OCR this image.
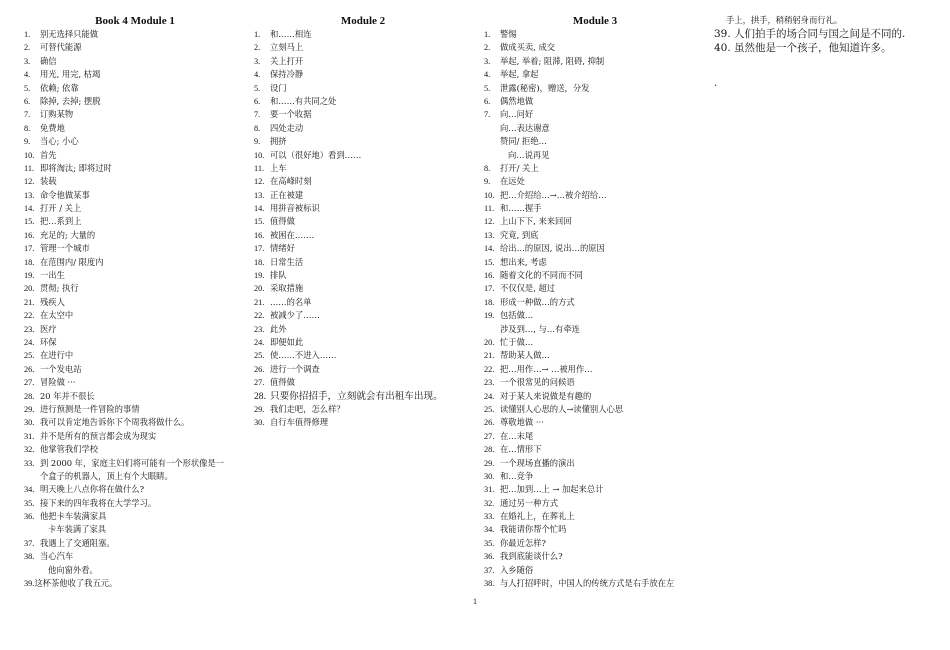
Book 4 Module 1
1.	别无选择只能做
2.	可替代能源
3.	确信
4.	用光, 用完, 枯竭
5.	依赖; 依靠
6.	除掉, 去掉; 摆脱
7.	订购某物
8.	免费地
9.	当心; 小心
10. 首先
11. 即将淘汰; 即将过时
12. 装载
13. 命令他做某事
14. 打开 / 关上
15. 把…系到上
16. 充足的; 大量的
17. 管理一个城市
18. 在范围内/ 限度内
19. 一出生
20. 贯彻; 执行
21. 残疾人
22. 在太空中
23. 医疗
24. 环保
25. 在进行中
26. 一个发电站
27. 冒险做 ···
28. 20 年并不很长
29. 进行预测是一件冒险的事情
30. 我可以肯定地告诉你下个周我将做什么。
31. 并不是所有的预言都会成为现实
32. 他掌管我们学校
33. 到 2000 年，家庭主妇们将可能有一个形状像是一
个盒子的机器人，顶上有个大眼睛。
34. 明天晚上八点你将在做什么?
35. 接下来的四年我将在大学学习。
36. 他把卡车装满家具
卡车装满了家具
37. 我遇上了交通阻塞。
38. 当心汽车
他向窗外看。
39. 这杯茶他收了我五元。
Module 2
1.	和……相连
2.	立刻马上
3.	关上打开
4.	保持冷静
5.	设门
6.	和……有共同之处
7.	要一个收据
8.	四处走动
9.	拥挤
10. 可以（很好地）看到……
11. 上车
12. 在高峰时刻
13. 正在被建
14. 用拼音被标识
15. 值得做
16. 被困在…….
17. 情绪好
18. 日常生活
19. 排队
20. 采取措施
21. ……的名单
22. 被减少了……
23. 此外
24. 即便如此
25. 使……不进入……
26. 进行一个调查
27. 值得做
28. 只要你招招手，立刻就会有出租车出现。
29. 我们走吧，怎么样？
30. 自行车值得修理
Module 3
1.	警惕
2.	做成买卖, 成交
3.	举起, 举着; 阻滞, 阻碍, 抑制
4.	举起, 拿起
5.	泄露(秘密)，赠送，分发
6.	偶然地做
7.	向…问好
向…表达谢意
赞同/ 拒绝…
向…说再见
8.	打开/ 关上
9.	在远处
10. 把…介绍给…→…被介绍给…
11. 和……握手
12. 上山下下, 来来回回
13. 究竟, 到底
14. 给出…的原因, 说出…的原因
15. 想出来, 考虑
16. 随着文化的不同而不同
17. 不仅仅是, 超过
18. 形成一种做…的方式
19. 包括做…
涉及到…, 与…有牵连
20. 忙于做…
21. 帮助某人做…
22. 把…用作…→ …被用作…
23. 一个很常见的问候语
24. 对于某人来说做是有趣的
25. 读懂别人心思的人→读懂别人心思
26. 尊敬地做 ···
27. 在…末尾
28. 在…情形下
29. 一个现场直播的演出
30. 和…竞争
31. 把…加到…上 → 加起来总计
32. 通过另一种方式
33. 在婚礼上，在葬礼上
34. 我能请你帮个忙吗
35. 你最近怎样?
36. 我到底能谈什么?
37. 入乡随俗
38. 与人打招呼时，中国人的传统方式是右手放在左
手上，拱手，稍稍躬身而行礼。
39. 人们拍手的场合同与国之间是不同的.
40. 虽然他是一个孩子，他知道许多。
.
1
